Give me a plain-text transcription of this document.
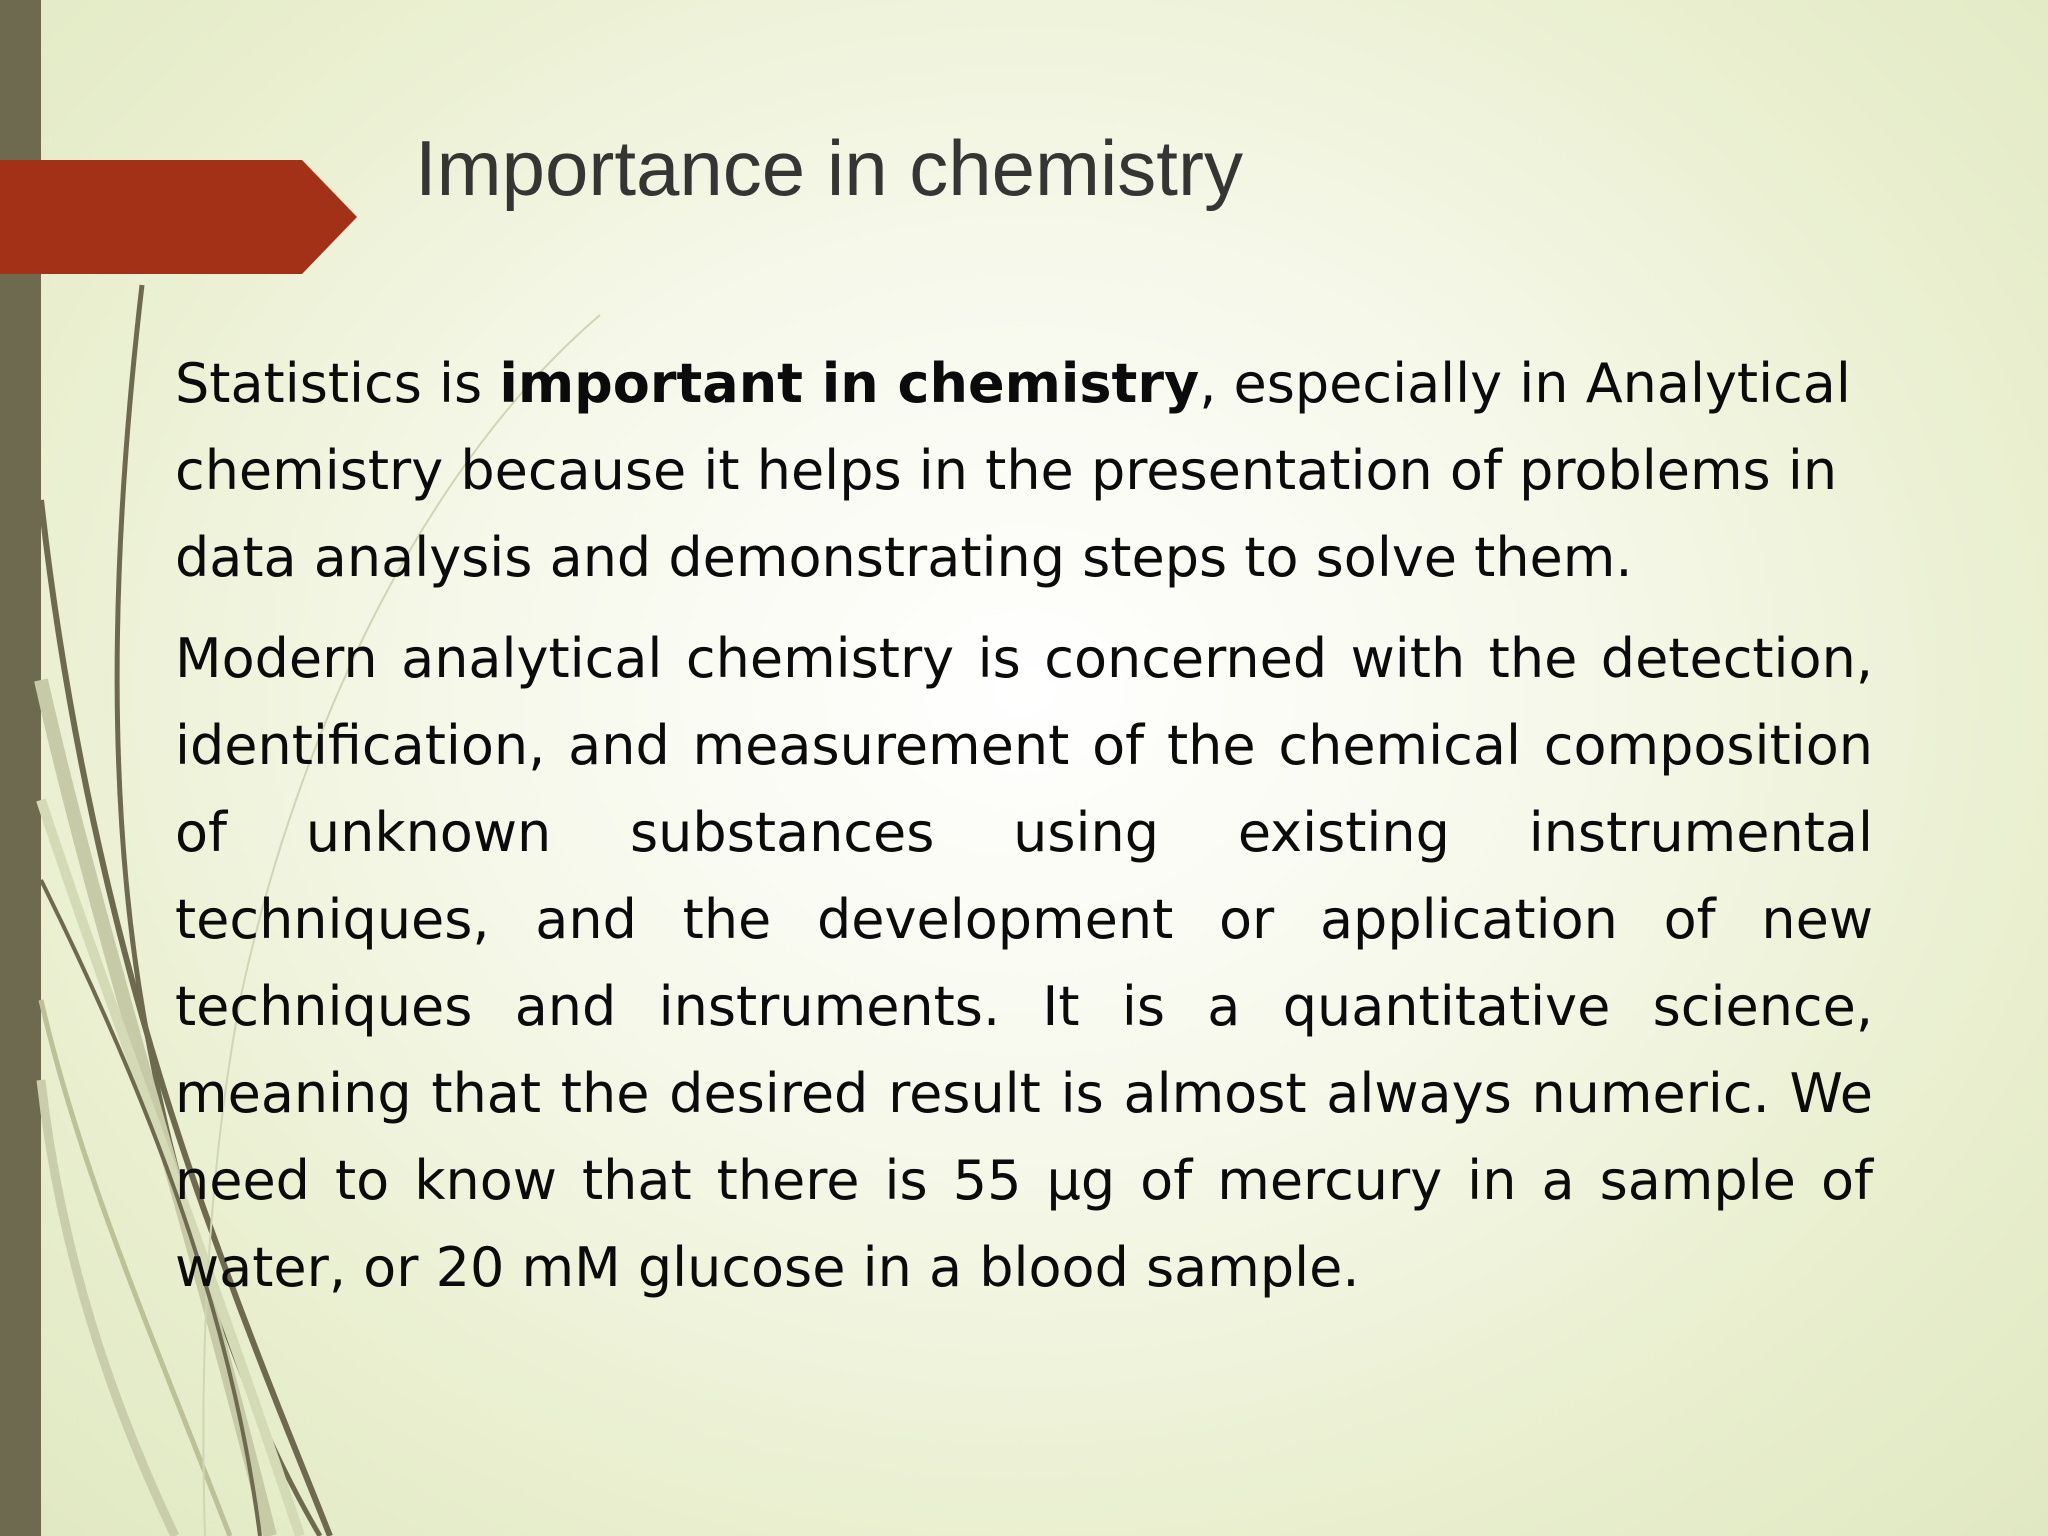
Importance in chemistry

Statistics is important in chemistry, especially in Analytical chemistry because it helps in the presentation of problems in data analysis and demonstrating steps to solve them.

Modern analytical chemistry is concerned with the detection, identification, and measurement of the chemical composition of unknown substances using existing instrumental techniques, and the development or application of new techniques and instruments. It is a quantitative science, meaning that the desired result is almost always numeric. We need to know that there is 55 µg of mercury in a sample of water, or 20 mM glucose in a blood sample.
